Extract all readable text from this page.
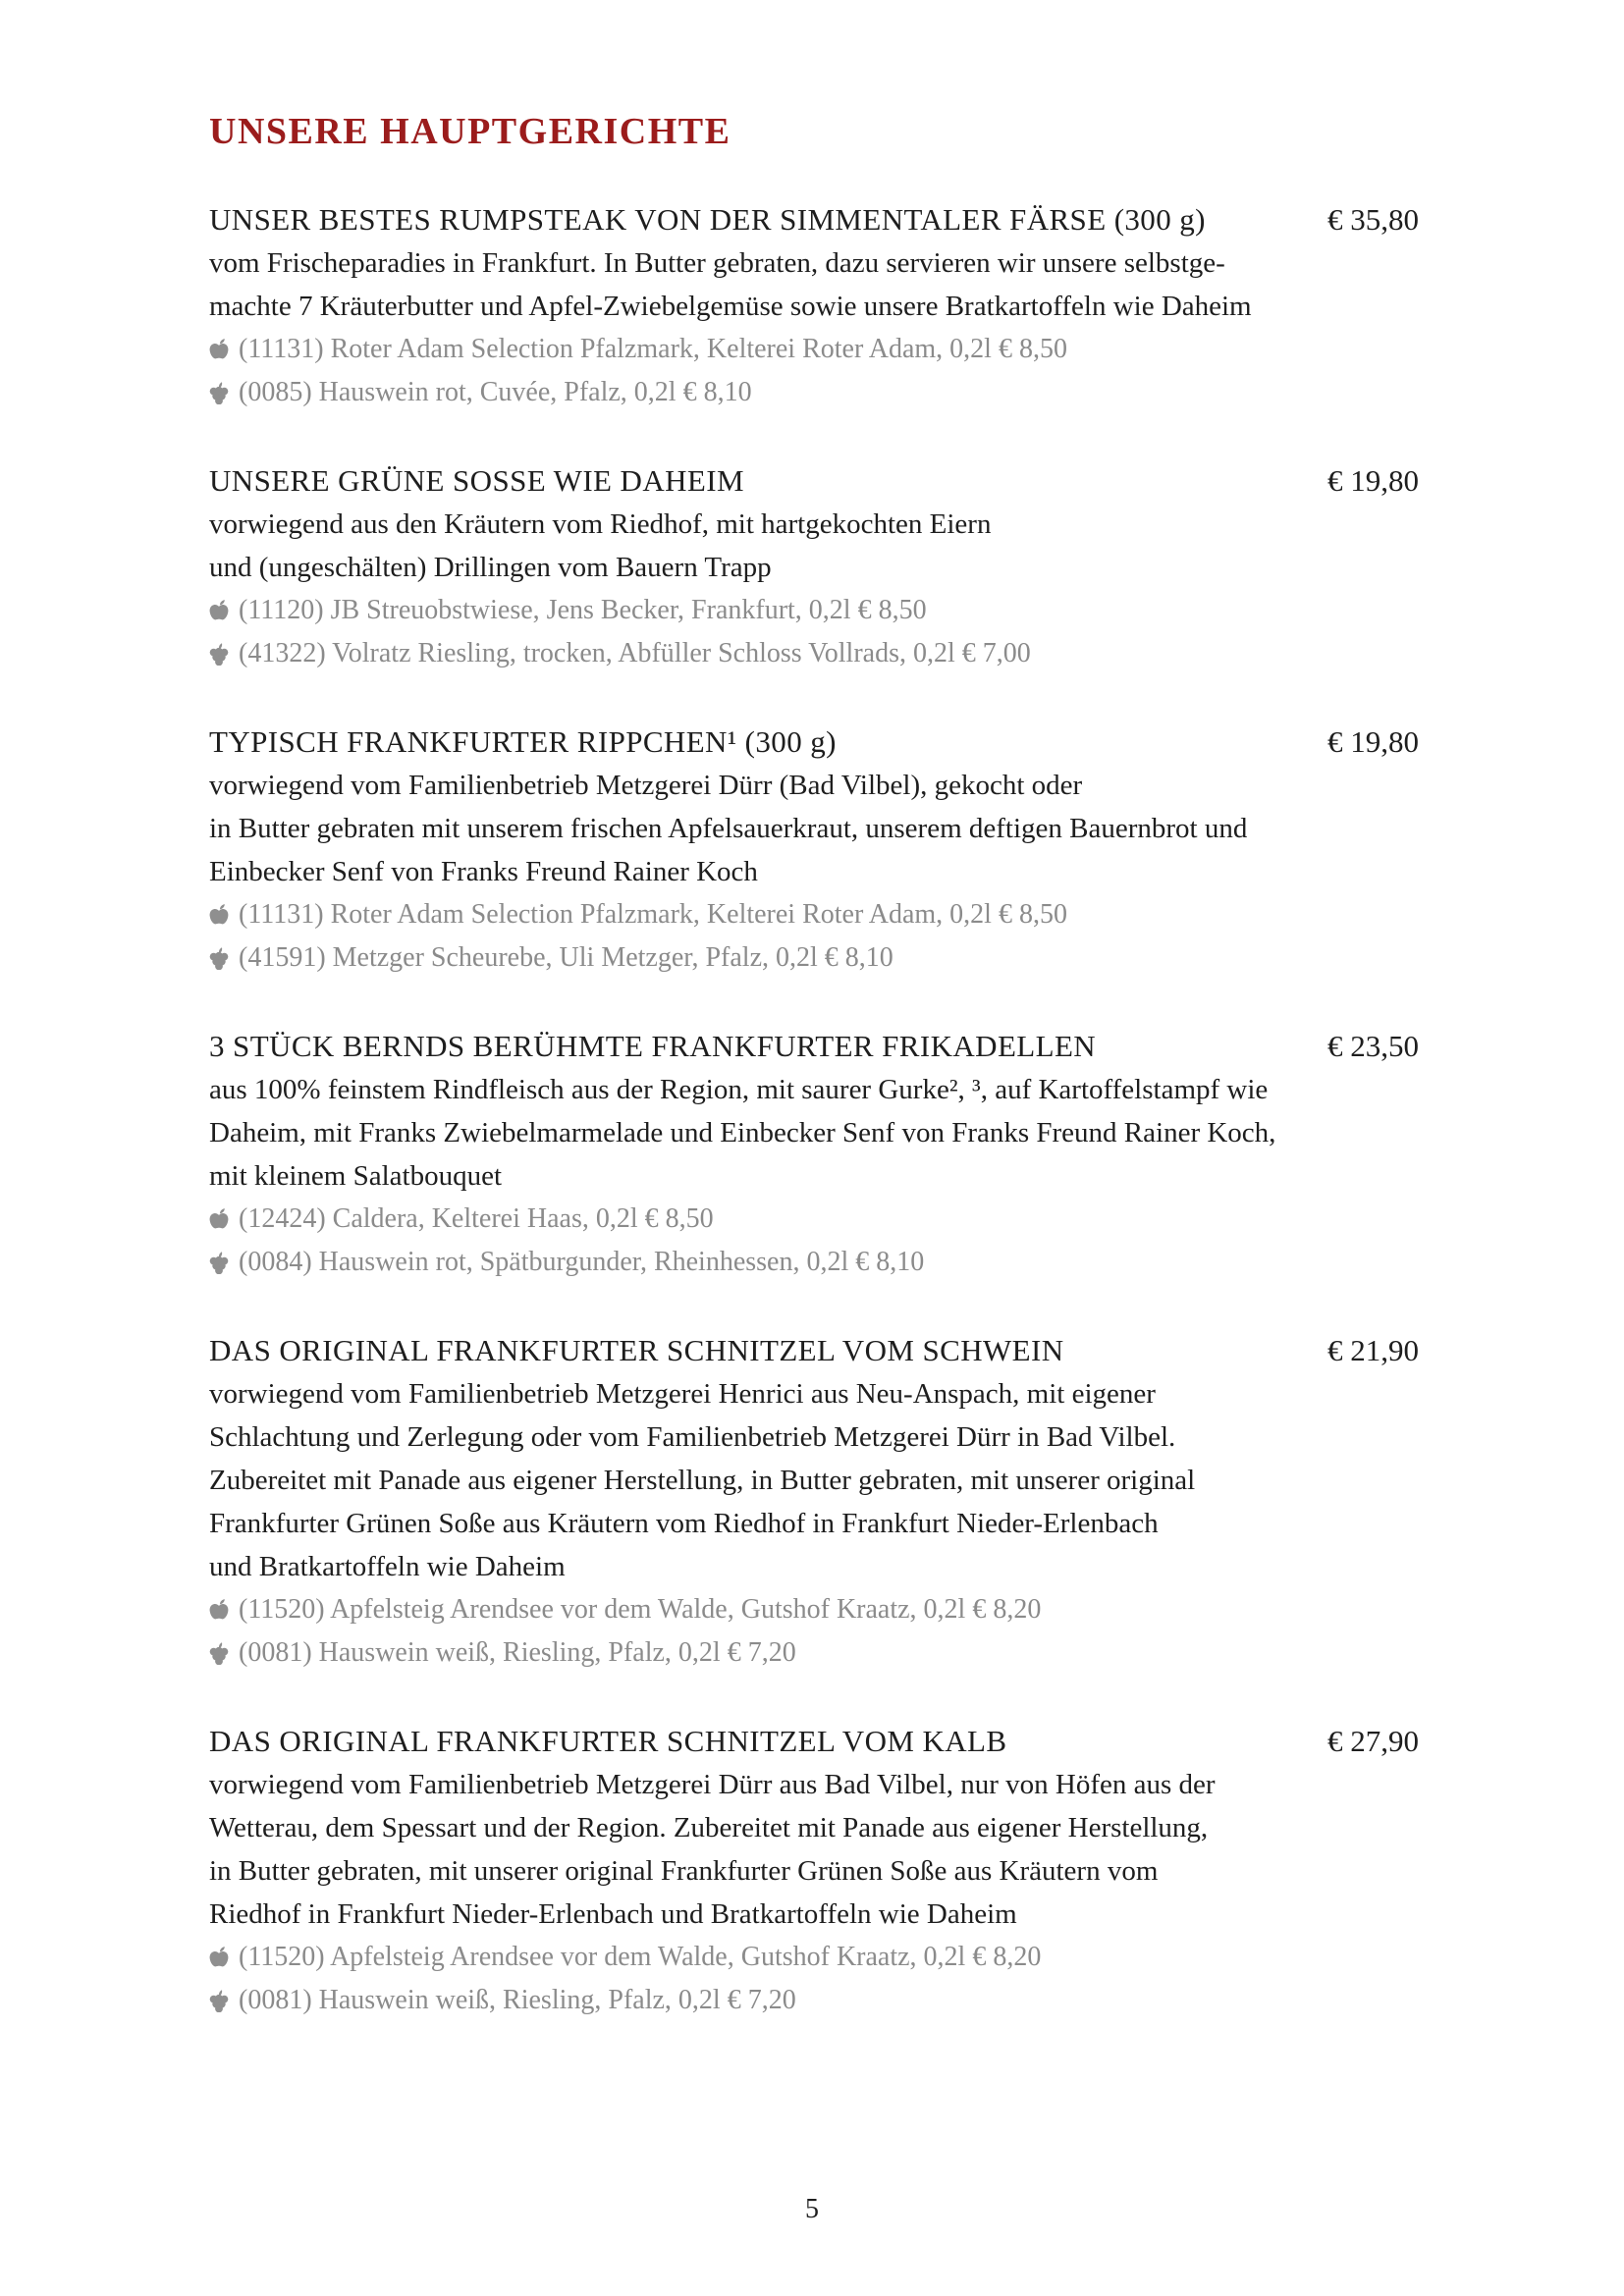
UNSERE HAUPTGERICHTE
UNSER BESTES RUMPSTEAK VON DER SIMMENTALER FÄRSE (300 g)	€ 35,80
vom Frischeparadies in Frankfurt. In Butter gebraten, dazu servieren wir unsere selbstge-
machte 7 Kräuterbutter und Apfel-Zwiebelgemüse sowie unsere Bratkartoffeln wie Daheim
(11131) Roter Adam Selection Pfalzmark, Kelterei Roter Adam, 0,2l € 8,50
(0085) Hauswein rot, Cuvée, Pfalz, 0,2l € 8,10
UNSERE GRÜNE SOSSE WIE DAHEIM	€ 19,80
vorwiegend aus den Kräutern vom Riedhof, mit hartgekochten Eiern
und (ungeschälten) Drillingen vom Bauern Trapp
(11120) JB Streuobstwiese, Jens Becker, Frankfurt, 0,2l € 8,50
(41322) Volratz Riesling, trocken, Abfüller Schloss Vollrads, 0,2l € 7,00
TYPISCH FRANKFURTER RIPPCHEN¹ (300 g)	€ 19,80
vorwiegend vom Familienbetrieb Metzgerei Dürr (Bad Vilbel), gekocht oder
in Butter gebraten mit unserem frischen Apfelsauerkraut, unserem deftigen Bauernbrot und
Einbecker Senf von Franks Freund Rainer Koch
(11131) Roter Adam Selection Pfalzmark, Kelterei Roter Adam, 0,2l € 8,50
(41591) Metzger Scheurebe, Uli Metzger, Pfalz, 0,2l € 8,10
3 STÜCK BERNDS BERÜHMTE FRANKFURTER FRIKADELLEN	€ 23,50
aus 100% feinstem Rindfleisch aus der Region, mit saurer Gurke², ³, auf Kartoffelstampf wie
Daheim, mit Franks Zwiebelmarmelade und Einbecker Senf von Franks Freund Rainer Koch,
mit kleinem Salatbouquet
(12424) Caldera, Kelterei Haas, 0,2l € 8,50
(0084) Hauswein rot, Spätburgunder, Rheinhessen, 0,2l € 8,10
DAS ORIGINAL FRANKFURTER SCHNITZEL VOM SCHWEIN	€ 21,90
vorwiegend vom Familienbetrieb Metzgerei Henrici aus Neu-Anspach, mit eigener
Schlachtung und Zerlegung oder vom Familienbetrieb Metzgerei Dürr in Bad Vilbel.
Zubereitet mit Panade aus eigener Herstellung, in Butter gebraten, mit unserer original
Frankfurter Grünen Soße aus Kräutern vom Riedhof in Frankfurt Nieder-Erlenbach
und Bratkartoffeln wie Daheim
(11520) Apfelsteig Arendsee vor dem Walde, Gutshof Kraatz, 0,2l € 8,20
(0081) Hauswein weiß, Riesling, Pfalz, 0,2l € 7,20
DAS ORIGINAL FRANKFURTER SCHNITZEL VOM KALB	€ 27,90
vorwiegend vom Familienbetrieb Metzgerei Dürr aus Bad Vilbel, nur von Höfen aus der
Wetterau, dem Spessart und der Region. Zubereitet mit Panade aus eigener Herstellung,
in Butter gebraten, mit unserer original Frankfurter Grünen Soße aus Kräutern vom
Riedhof in Frankfurt Nieder-Erlenbach und Bratkartoffeln wie Daheim
(11520) Apfelsteig Arendsee vor dem Walde, Gutshof Kraatz, 0,2l € 8,20
(0081) Hauswein weiß, Riesling, Pfalz, 0,2l € 7,20
5
